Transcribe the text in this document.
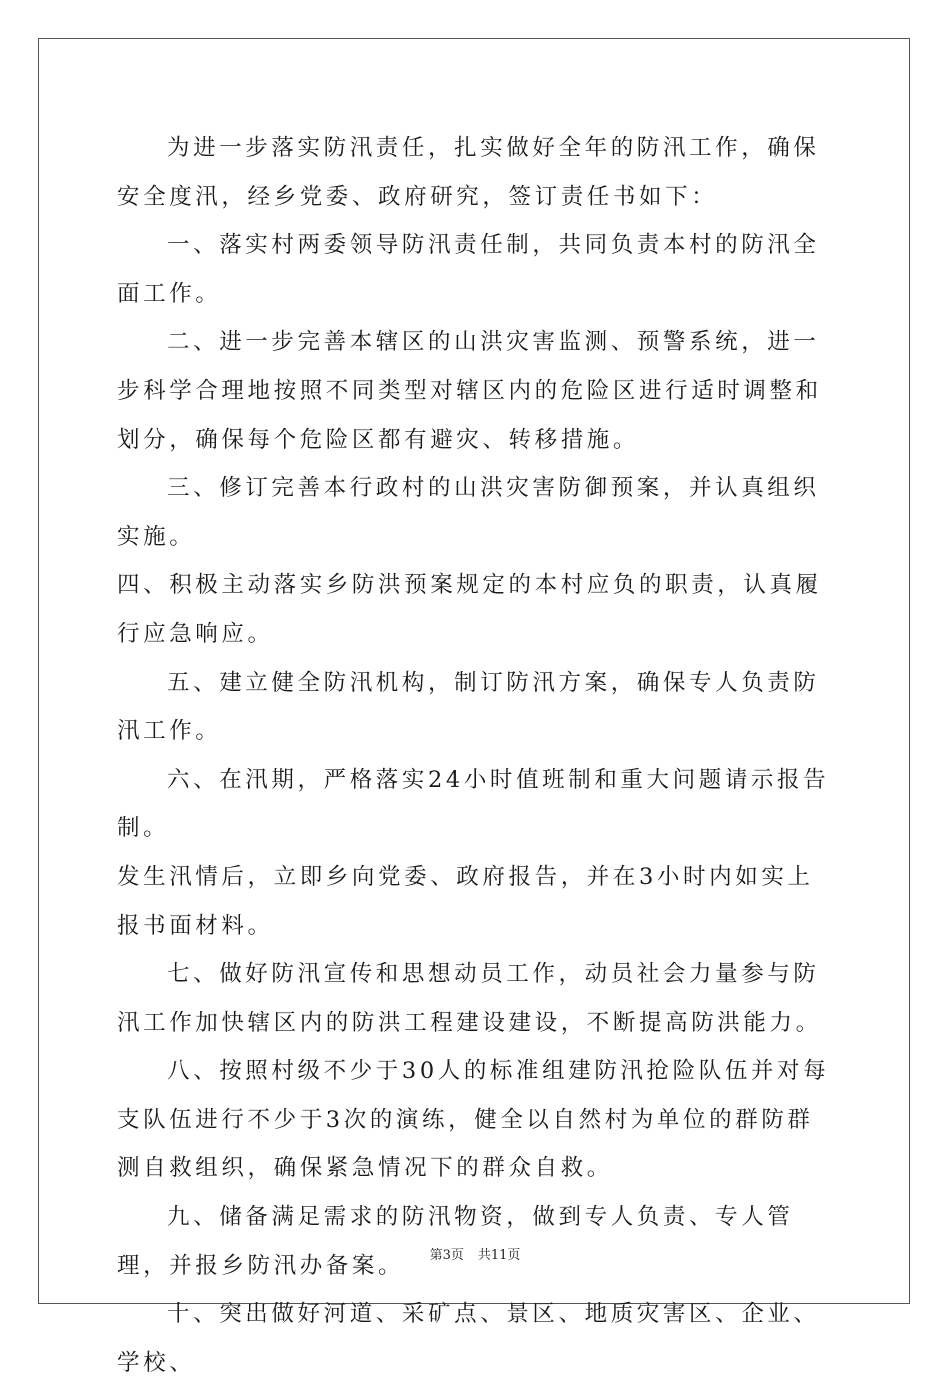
为进一步落实防汛责任，扎实做好全年的防汛工作，确保安全度汛，经乡党委、政府研究，签订责任书如下：

一、落实村两委领导防汛责任制，共同负责本村的防汛全面工作。

二、进一步完善本辖区的山洪灾害监测、预警系统，进一步科学合理地按照不同类型对辖区内的危险区进行适时调整和划分，确保每个危险区都有避灾、转移措施。

三、修订完善本行政村的山洪灾害防御预案，并认真组织实施。

四、积极主动落实乡防洪预案规定的本村应负的职责，认真履行应急响应。

五、建立健全防汛机构，制订防汛方案，确保专人负责防汛工作。

六、在汛期，严格落实24小时值班制和重大问题请示报告制。

发生汛情后，立即乡向党委、政府报告，并在3小时内如实上报书面材料。

七、做好防汛宣传和思想动员工作，动员社会力量参与防汛工作加快辖区内的防洪工程建设建设，不断提高防洪能力。

八、按照村级不少于30人的标准组建防汛抢险队伍并对每支队伍进行不少于3次的演练，健全以自然村为单位的群防群测自救组织，确保紧急情况下的群众自救。

九、储备满足需求的防汛物资，做到专人负责、专人管理，并报乡防汛办备案。

十、突出做好河道、采矿点、景区、地质灾害区、企业、学校、

第3页 共11页
